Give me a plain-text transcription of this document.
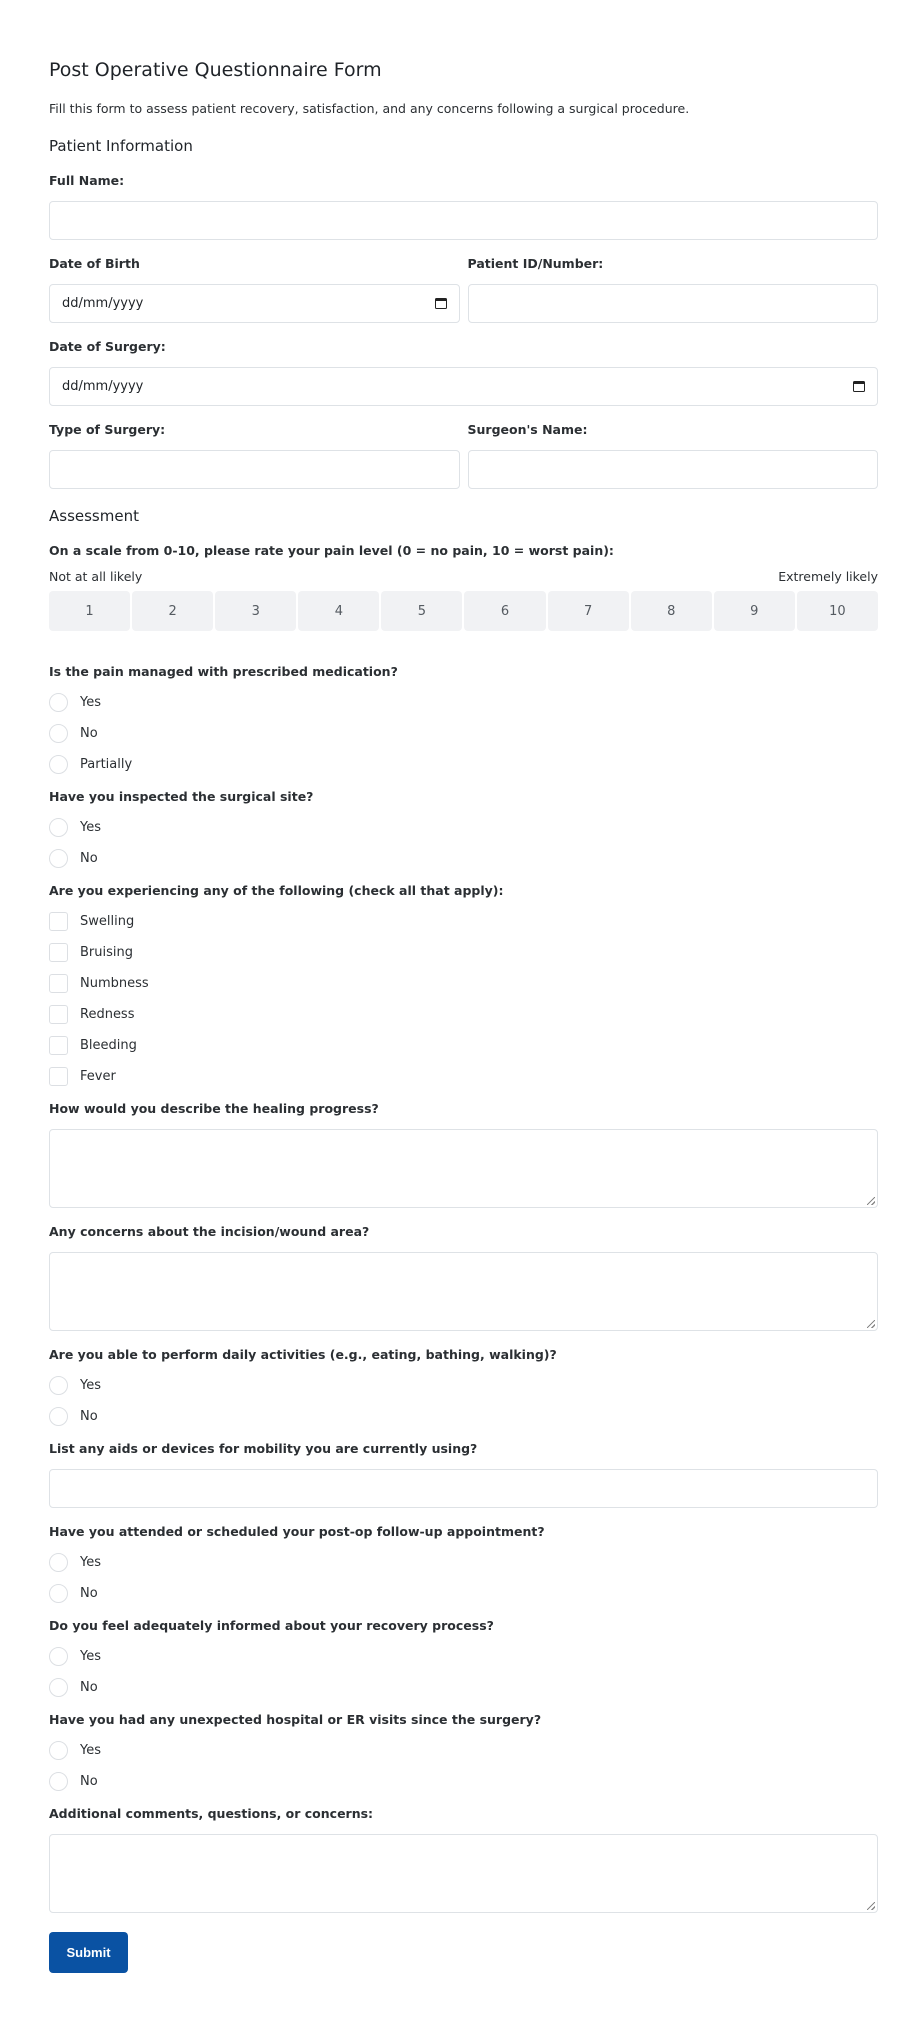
Post Operative Questionnaire Form

Fill this form to assess patient recovery, satisfaction, and any concerns following a surgical procedure.

Patient Information
Full Name:
Date of Birth
dd/mm/yyyy
Patient ID/Number:
Date of Surgery:
dd/mm/yyyy
Type of Surgery:	Surgeon's Name:
Assessment
On a scale from 0-10, please rate your pain level (0 = no pain, 10 = worst pain):
Not at all likely	Extremely likely
1	2	3	4	5	6	7	8	9	10
Is the pain managed with prescribed medication?
Yes
No
Partially
Have you inspected the surgical site?
Yes
No
Are you experiencing any of the following (check all that apply):
Swelling
Bruising
Numbness
Redness
Bleeding
Fever
How would you describe the healing progress?
Any concerns about the incision/wound area?
Are you able to perform daily activities (e.g., eating, bathing, walking)?
Yes
No
List any aids or devices for mobility you are currently using?
Have you attended or scheduled your post-op follow-up appointment?
Yes
No
Do you feel adequately informed about your recovery process?
Yes
No
Have you had any unexpected hospital or ER visits since the surgery?
Yes
No
Additional comments, questions, or concerns:
Submit
